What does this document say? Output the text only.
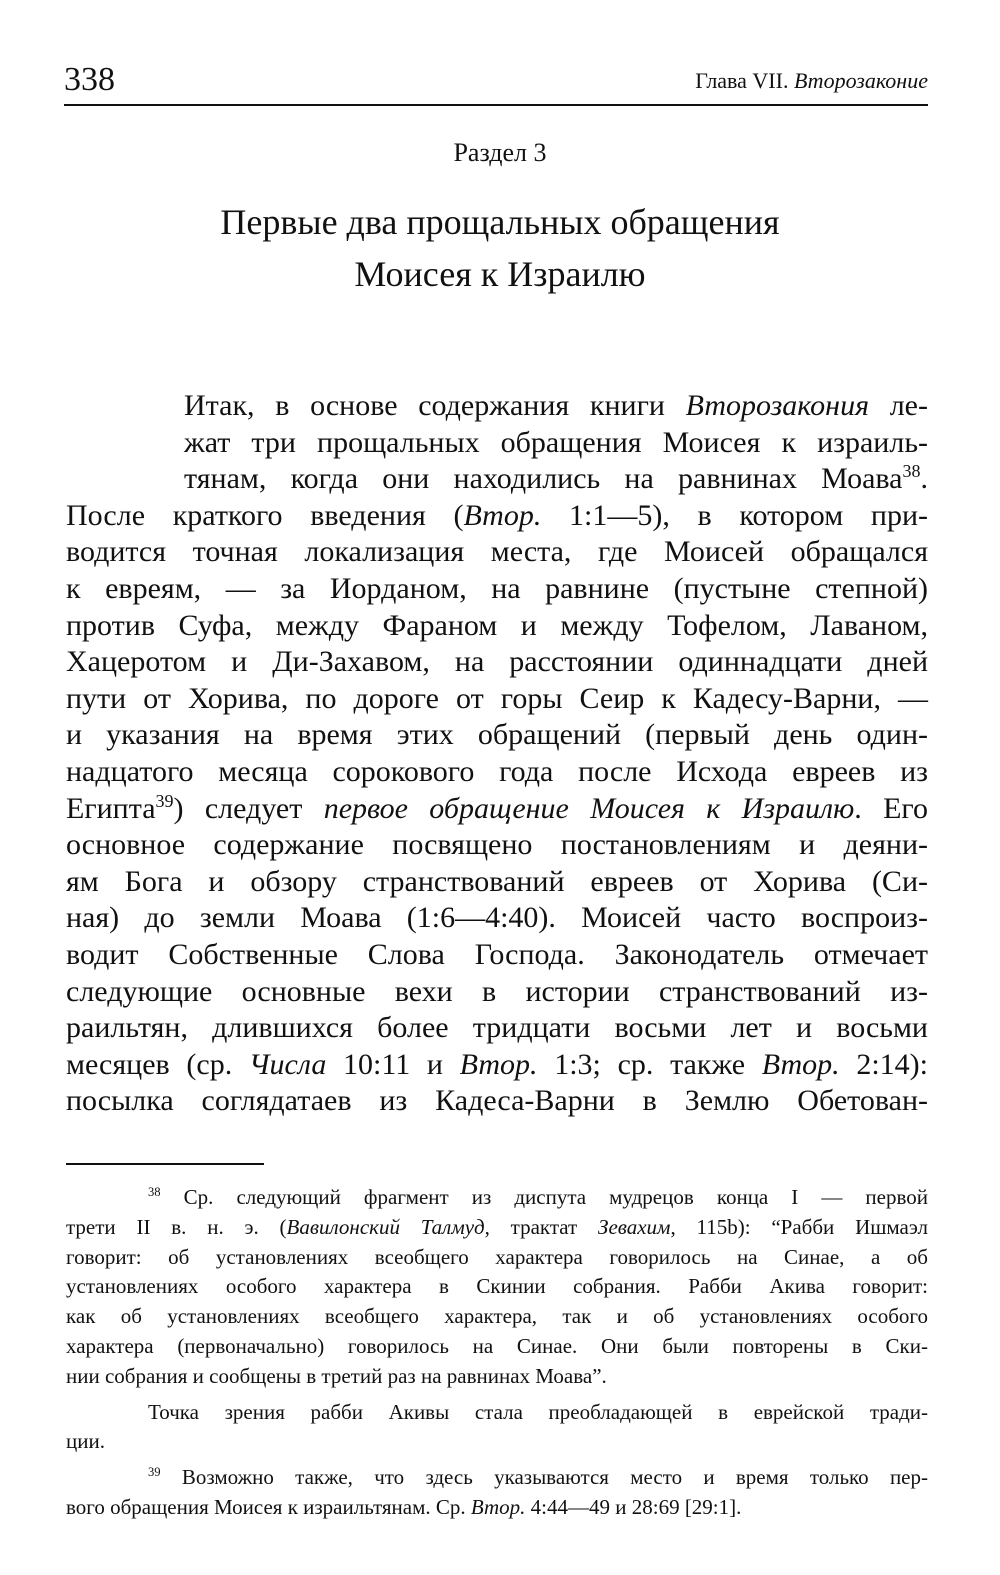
338	Глава VII. Второзаконие
Раздел 3
Первые два прощальных обращения
Моисея к Израилю
Итак, в основе содержания книги Второзакония ле-
жат три прощальных обращения Моисея к израиль-
тянам, когда они находились на равнинах Моава$^{38}$.
После краткого введения (Втор. 1:1—5), в котором при-
водится точная локализация места, где Моисей обращался
к евреям, — за Иорданом, на равнине (пустыне степной)
против Суфа, между Фараном и между Тофелом, Лаваном,
Хацеротом и Ди-Захавом, на расстоянии одиннадцати дней
пути от Хорива, по дороге от горы Сеир к Кадесу-Варни, —
и указания на время этих обращений (первый день один-
надцатого месяца сорокового года после Исхода евреев из
Египта$^{39}$) следует первое обращение Моисея к Израилю. Его
основное содержание посвящено постановлениям и деяни-
ям Бога и обзору странствований евреев от Хорива (Си-
ная) до земли Моава (1:6—4:40). Моисей часто воспроиз-
водит Собственные Слова Господа. Законодатель отмечает
следующие основные вехи в истории странствований из-
раильтян, длившихся более тридцати восьми лет и восьми
месяцев (ср. Числа 10:11 и Втор. 1:3; ср. также Втор. 2:14):
посылка соглядатаев из Кадеса-Варни в Землю Обетован-
$^{38}$ Ср. следующий фрагмент из диспута мудрецов конца I — первой
трети II в. н. э. (Вавилонский Талмуд, трактат Зевахим, 115b): “Рабби Ишмаэл
говорит: об установлениях всеобщего характера говорилось на Синае, а об
установлениях особого характера в Скинии собрания. Рабби Акива говорит:
как об установлениях всеобщего характера, так и об установлениях особого
характера (первоначально) говорилось на Синае. Они были повторены в Ски-
нии собрания и сообщены в третий раз на равнинах Моава”.
Точка зрения рабби Акивы стала преобладающей в еврейской тради-
ции.
$^{39}$ Возможно также, что здесь указываются место и время только пер-
вого обращения Моисея к израильтянам. Ср. Втор. 4:44—49 и 28:69 [29:1].
